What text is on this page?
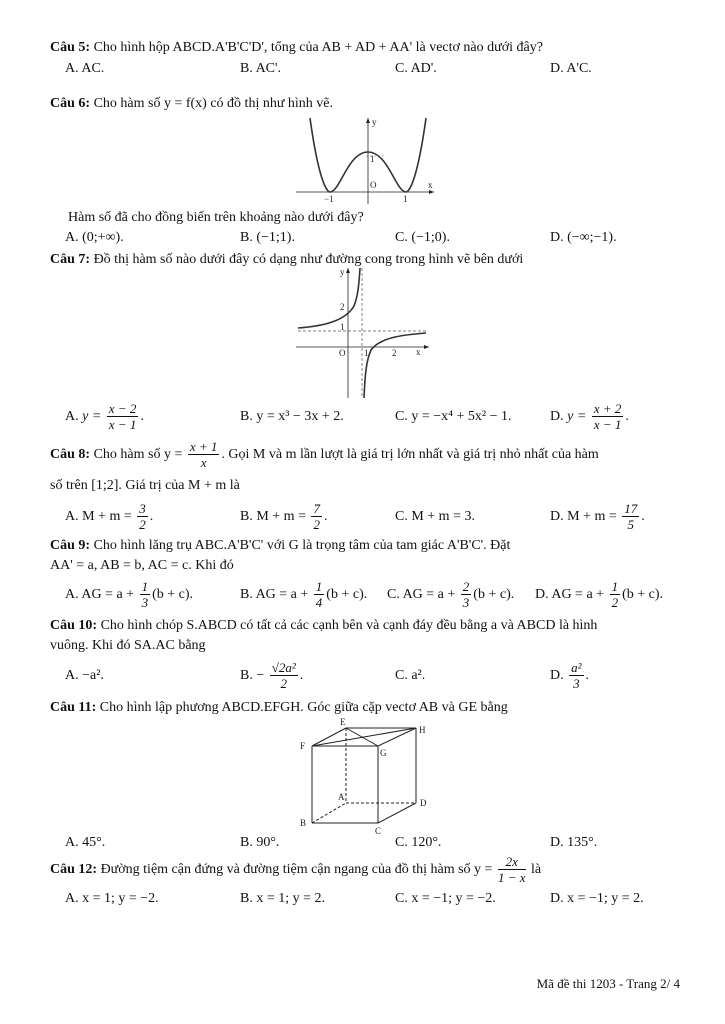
Câu 5: Cho hình hộp ABCD.A'B'C'D', tổng của AB + AD + AA' là vectơ nào dưới đây?
A. AC.	B. AC'.	C. AD'.	D. A'C.
Câu 6: Cho hàm số y = f(x) có đồ thị như hình vẽ.
y
x
O
−1	1
1
Hàm số đã cho đồng biến trên khoảng nào dưới đây?
A. (0;+∞).	B. (−1;1).	C. (−1;0).	D. (−∞;−1).
Câu 7: Đồ thị hàm số nào dưới đây có dạng như đường cong trong hình vẽ bên dưới
y
x
O
2
1
1	2
A. $y = \frac{x - 2}{x - 1}$ .	B. y = x³ − 3x + 2.	C. y = −x⁴ + 5x² − 1.	D. $y = \frac{x + 2}{x - 1}$ .
Câu 8: Cho hàm số $y = \frac{x + 1}{x}$ . Gọi M và m lần lượt là giá trị lớn nhất và giá trị nhỏ nhất của hàm
số trên [1;2]. Giá trị của M + m là
A. $M + m = \frac{3}{2}$ .	B. $M + m = \frac{7}{2}$ .	C. M + m = 3.	D. $M + m = \frac{17}{5}$ .
Câu 9: Cho hình lăng trụ ABC.A'B'C' với G là trọng tâm của tam giác A'B'C'. Đặt
AA' = a, AB = b, AC = c. Khi đó
A. AG = $a + \frac{1}{3} (b + c)$.	B. AG = $a + \frac{1}{4} (b + c)$. C. AG = $a + \frac{2}{3} (b + c)$. D. AG = $a + \frac{1}{2} (b + c)$.
Câu 10: Cho hình chóp S.ABCD có tất cả các cạnh bên và cạnh đáy đều bằng a và ABCD là hình
vuông. Khi đó SA.AC bằng
A. −a².	B. − $\frac{\text{√2a²}}{2}$ .	C. a².	D. $\frac{\text{a²}}{3}$ .
Câu 11: Cho hình lập phương ABCD.EFGH. Góc giữa cặp vectơ AB và GE bằng
E
H
F
G
A
D
B
C
A. 45°.	B. 90°.	C. 120°.	D. 135°.
Câu 12: Đường tiệm cận đứng và đường tiệm cận ngang của đồ thị hàm số $y = \frac{2x}{1 - x}$ là
A. x = 1; y = −2.	B. x = 1; y = 2.	C. x = −1; y = −2.	D. x = −1; y = 2.
Mã đề thi 1203 - Trang 2/ 4
